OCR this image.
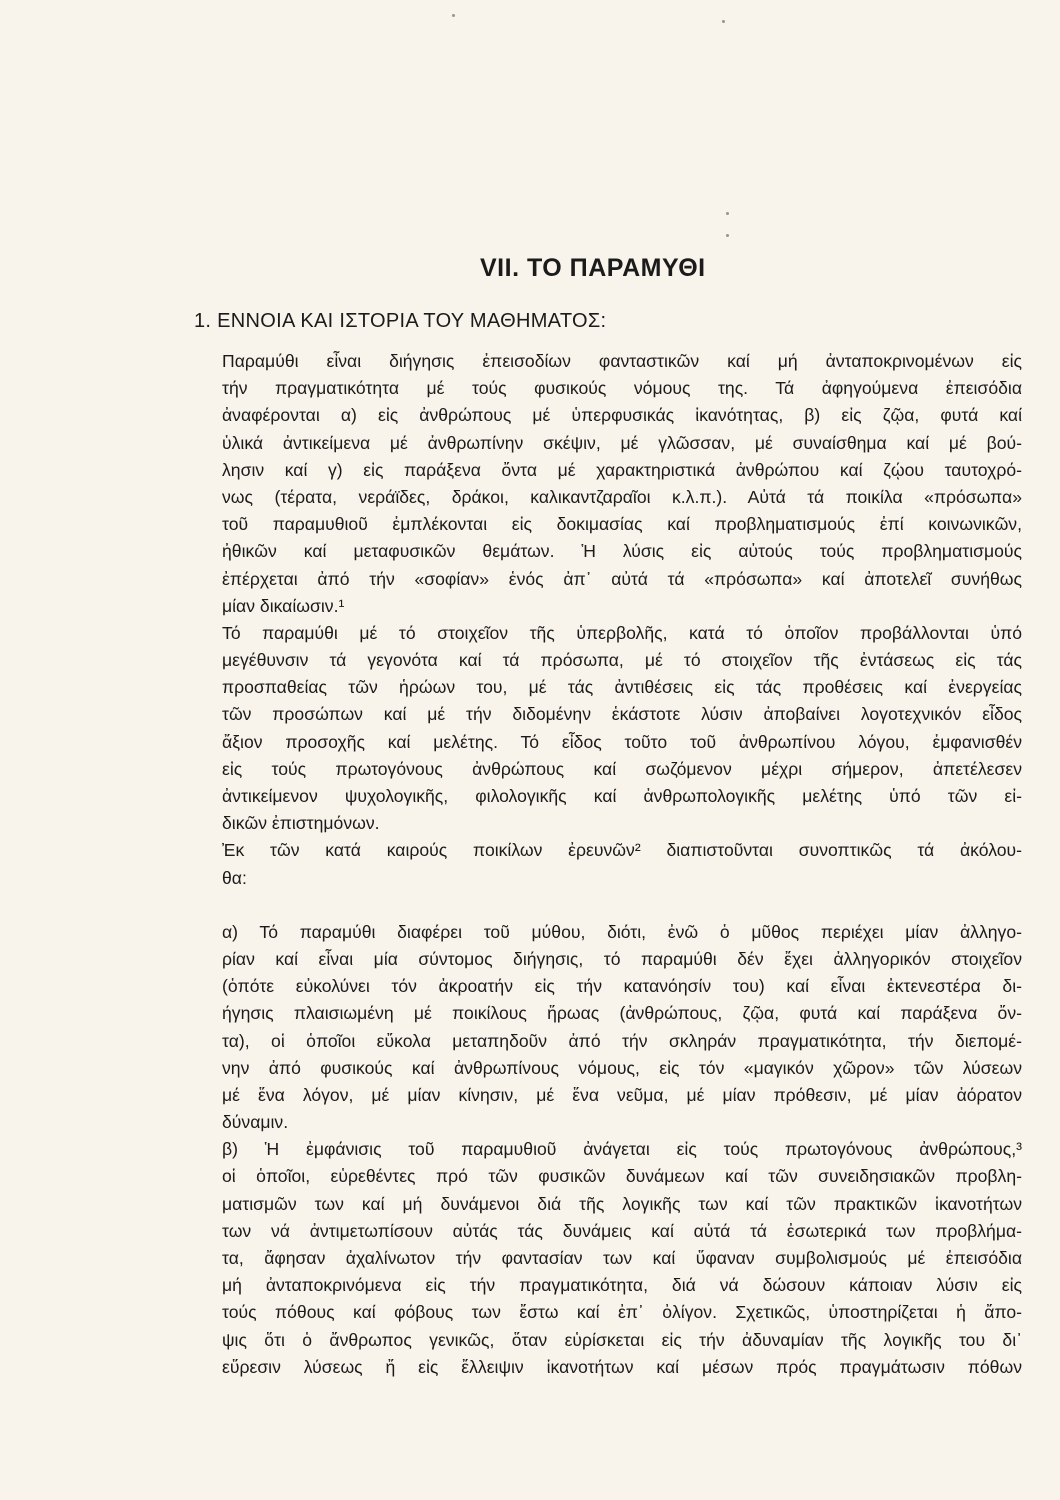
VII. ΤΟ ΠΑΡΑΜΥΘΙ
1. ΕΝΝΟΙΑ ΚΑΙ ΙΣΤΟΡΙΑ ΤΟΥ ΜΑΘΗΜΑΤΟΣ:
Παραμύθι εἶναι διήγησις ἐπεισοδίων φανταστικῶν καί μή ἀνταποκρινομένων εἰς
τήν πραγματικότητα μέ τούς φυσικούς νόμους της. Τά ἀφηγούμενα ἐπεισόδια
ἀναφέρονται α) εἰς ἀνθρώπους μέ ὑπερφυσικάς ἱκανότητας, β) εἰς ζῷα, φυτά καί
ὑλικά ἀντικείμενα μέ ἀνθρωπίνην σκέψιν, μέ γλῶσσαν, μέ συναίσθημα καί μέ βού-
λησιν καί γ) εἰς παράξενα ὄντα μέ χαρακτηριστικά ἀνθρώπου καί ζῴου ταυτοχρό-
νως (τέρατα, νεράϊδες, δράκοι, καλικαντζαραῖοι κ.λ.π.). Αὐτά τά ποικίλα «πρόσωπα»
τοῦ παραμυθιοῦ ἐμπλέκονται εἰς δοκιμασίας καί προβληματισμούς ἐπί κοινωνικῶν,
ἠθικῶν καί μεταφυσικῶν θεμάτων. Ἡ λύσις εἰς αὐτούς τούς προβληματισμούς
ἐπέρχεται ἀπό τήν «σοφίαν» ἑνός ἀπ᾽ αὐτά τά «πρόσωπα» καί ἀποτελεῖ συνήθως
μίαν δικαίωσιν.¹
Τό παραμύθι μέ τό στοιχεῖον τῆς ὑπερβολῆς, κατά τό ὁποῖον προβάλλονται ὑπό
μεγέθυνσιν τά γεγονότα καί τά πρόσωπα, μέ τό στοιχεῖον τῆς ἐντάσεως εἰς τάς
προσπαθείας τῶν ἡρώων του, μέ τάς ἀντιθέσεις εἰς τάς προθέσεις καί ἐνεργείας
τῶν προσώπων καί μέ τήν διδομένην ἑκάστοτε λύσιν ἀποβαίνει λογοτεχνικόν εἶδος
ἄξιον προσοχῆς καί μελέτης. Τό εἶδος τοῦτο τοῦ ἀνθρωπίνου λόγου, ἐμφανισθέν
εἰς τούς πρωτογόνους ἀνθρώπους καί σωζόμενον μέχρι σήμερον, ἀπετέλεσεν
ἀντικείμενον ψυχολογικῆς, φιλολογικῆς καί ἀνθρωπολογικῆς μελέτης ὑπό τῶν εἰ-
δικῶν ἐπιστημόνων.
Ἐκ τῶν κατά καιρούς ποικίλων ἐρευνῶν² διαπιστοῦνται συνοπτικῶς τά ἀκόλου-
θα:
α) Τό παραμύθι διαφέρει τοῦ μύθου, διότι, ἐνῶ ὁ μῦθος περιέχει μίαν ἀλληγο-
ρίαν καί εἶναι μία σύντομος διήγησις, τό παραμύθι δέν ἔχει ἀλληγορικόν στοιχεῖον
(ὁπότε εὐκολύνει τόν ἀκροατήν εἰς τήν κατανόησίν του) καί εἶναι ἐκτενεστέρα δι-
ήγησις πλαισιωμένη μέ ποικίλους ἥρωας (ἀνθρώπους, ζῷα, φυτά καί παράξενα ὄν-
τα), οἱ ὁποῖοι εὔκολα μεταπηδοῦν ἀπό τήν σκληράν πραγματικότητα, τήν διεπομέ-
νην ἀπό φυσικούς καί ἀνθρωπίνους νόμους, εἰς τόν «μαγικόν χῶρον» τῶν λύσεων
μέ ἕνα λόγον, μέ μίαν κίνησιν, μέ ἕνα νεῦμα, μέ μίαν πρόθεσιν, μέ μίαν ἀόρατον
δύναμιν.
β) Ἡ ἐμφάνισις τοῦ παραμυθιοῦ ἀνάγεται εἰς τούς πρωτογόνους ἀνθρώπους,³
οἱ ὁποῖοι, εὑρεθέντες πρό τῶν φυσικῶν δυνάμεων καί τῶν συνειδησιακῶν προβλη-
ματισμῶν των καί μή δυνάμενοι διά τῆς λογικῆς των καί τῶν πρακτικῶν ἱκανοτήτων
των νά ἀντιμετωπίσουν αὐτάς τάς δυνάμεις καί αὐτά τά ἐσωτερικά των προβλήμα-
τα, ἄφησαν ἀχαλίνωτον τήν φαντασίαν των καί ὕφαναν συμβολισμούς μέ ἐπεισόδια
μή ἀνταποκρινόμενα εἰς τήν πραγματικότητα, διά νά δώσουν κάποιαν λύσιν εἰς
τούς πόθους καί φόβους των ἔστω καί ἐπ᾽ ὀλίγον. Σχετικῶς, ὑποστηρίζεται ἡ ἄπο-
ψις ὅτι ὁ ἄνθρωπος γενικῶς, ὅταν εὑρίσκεται εἰς τήν ἀδυναμίαν τῆς λογικῆς του δι᾽
εὕρεσιν λύσεως ἤ εἰς ἔλλειψιν ἱκανοτήτων καί μέσων πρός πραγμάτωσιν πόθων
